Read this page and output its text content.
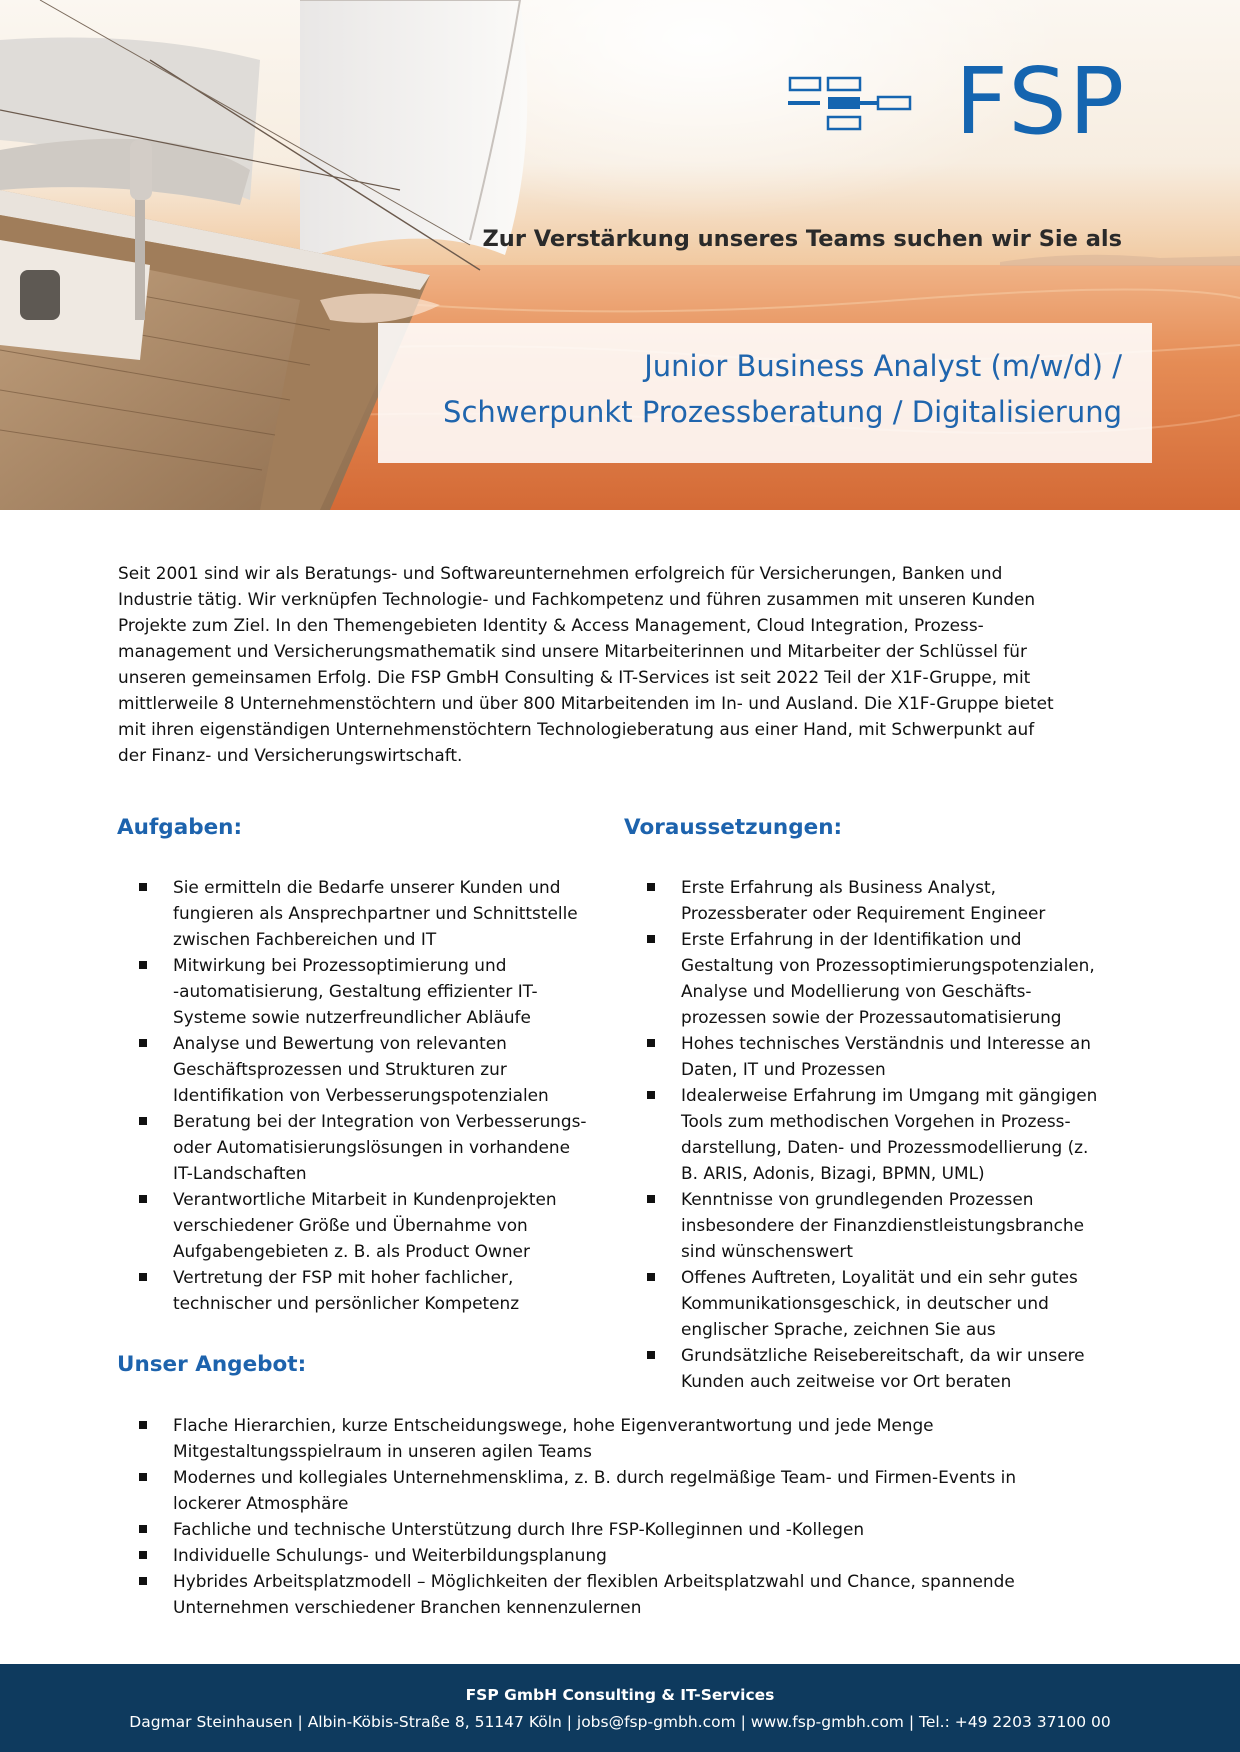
FSP
Zur Verstärkung unseres Teams suchen wir Sie als
Junior Business Analyst (m/w/d) /
Schwerpunkt Prozessberatung / Digitalisierung
Seit 2001 sind wir als Beratungs- und Softwareunternehmen erfolgreich für Versicherungen, Banken und
Industrie tätig. Wir verknüpfen Technologie- und Fachkompetenz und führen zusammen mit unseren Kunden
Projekte zum Ziel. In den Themengebieten Identity & Access Management, Cloud Integration, Prozess-
management und Versicherungsmathematik sind unsere Mitarbeiterinnen und Mitarbeiter der Schlüssel für
unseren gemeinsamen Erfolg. Die FSP GmbH Consulting & IT-Services ist seit 2022 Teil der X1F-Gruppe, mit
mittlerweile 8 Unternehmenstöchtern und über 800 Mitarbeitenden im In- und Ausland. Die X1F-Gruppe bietet
mit ihren eigenständigen Unternehmenstöchtern Technologieberatung aus einer Hand, mit Schwerpunkt auf
der Finanz- und Versicherungswirtschaft.
Aufgaben:
Sie ermitteln die Bedarfe unserer Kunden und
fungieren als Ansprechpartner und Schnittstelle
zwischen Fachbereichen und IT
Mitwirkung bei Prozessoptimierung und
-automatisierung, Gestaltung effizienter IT-
Systeme sowie nutzerfreundlicher Abläufe
Analyse und Bewertung von relevanten
Geschäftsprozessen und Strukturen zur
Identifikation von Verbesserungspotenzialen
Beratung bei der Integration von Verbesserungs-
oder Automatisierungslösungen in vorhandene
IT-Landschaften
Verantwortliche Mitarbeit in Kundenprojekten
verschiedener Größe und Übernahme von
Aufgabengebieten z. B. als Product Owner
Vertretung der FSP mit hoher fachlicher,
technischer und persönlicher Kompetenz
Voraussetzungen:
Erste Erfahrung als Business Analyst,
Prozessberater oder Requirement Engineer
Erste Erfahrung in der Identifikation und
Gestaltung von Prozessoptimierungspotenzialen,
Analyse und Modellierung von Geschäfts-
prozessen sowie der Prozessautomatisierung
Hohes technisches Verständnis und Interesse an
Daten, IT und Prozessen
Idealerweise Erfahrung im Umgang mit gängigen
Tools zum methodischen Vorgehen in Prozess-
darstellung, Daten- und Prozessmodellierung (z.
B. ARIS, Adonis, Bizagi, BPMN, UML)
Kenntnisse von grundlegenden Prozessen
insbesondere der Finanzdienstleistungsbranche
sind wünschenswert
Offenes Auftreten, Loyalität und ein sehr gutes
Kommunikationsgeschick, in deutscher und
englischer Sprache, zeichnen Sie aus
Grundsätzliche Reisebereitschaft, da wir unsere
Kunden auch zeitweise vor Ort beraten
Unser Angebot:
Flache Hierarchien, kurze Entscheidungswege, hohe Eigenverantwortung und jede Menge
Mitgestaltungsspielraum in unseren agilen Teams
Modernes und kollegiales Unternehmensklima, z. B. durch regelmäßige Team- und Firmen-Events in
lockerer Atmosphäre
Fachliche und technische Unterstützung durch Ihre FSP-Kolleginnen und -Kollegen
Individuelle Schulungs- und Weiterbildungsplanung
Hybrides Arbeitsplatzmodell – Möglichkeiten der flexiblen Arbeitsplatzwahl und Chance, spannende
Unternehmen verschiedener Branchen kennenzulernen
FSP GmbH Consulting & IT-Services
Dagmar Steinhausen | Albin-Köbis-Straße 8, 51147 Köln | jobs@fsp-gmbh.com | www.fsp-gmbh.com | Tel.: +49 2203 37100 00
